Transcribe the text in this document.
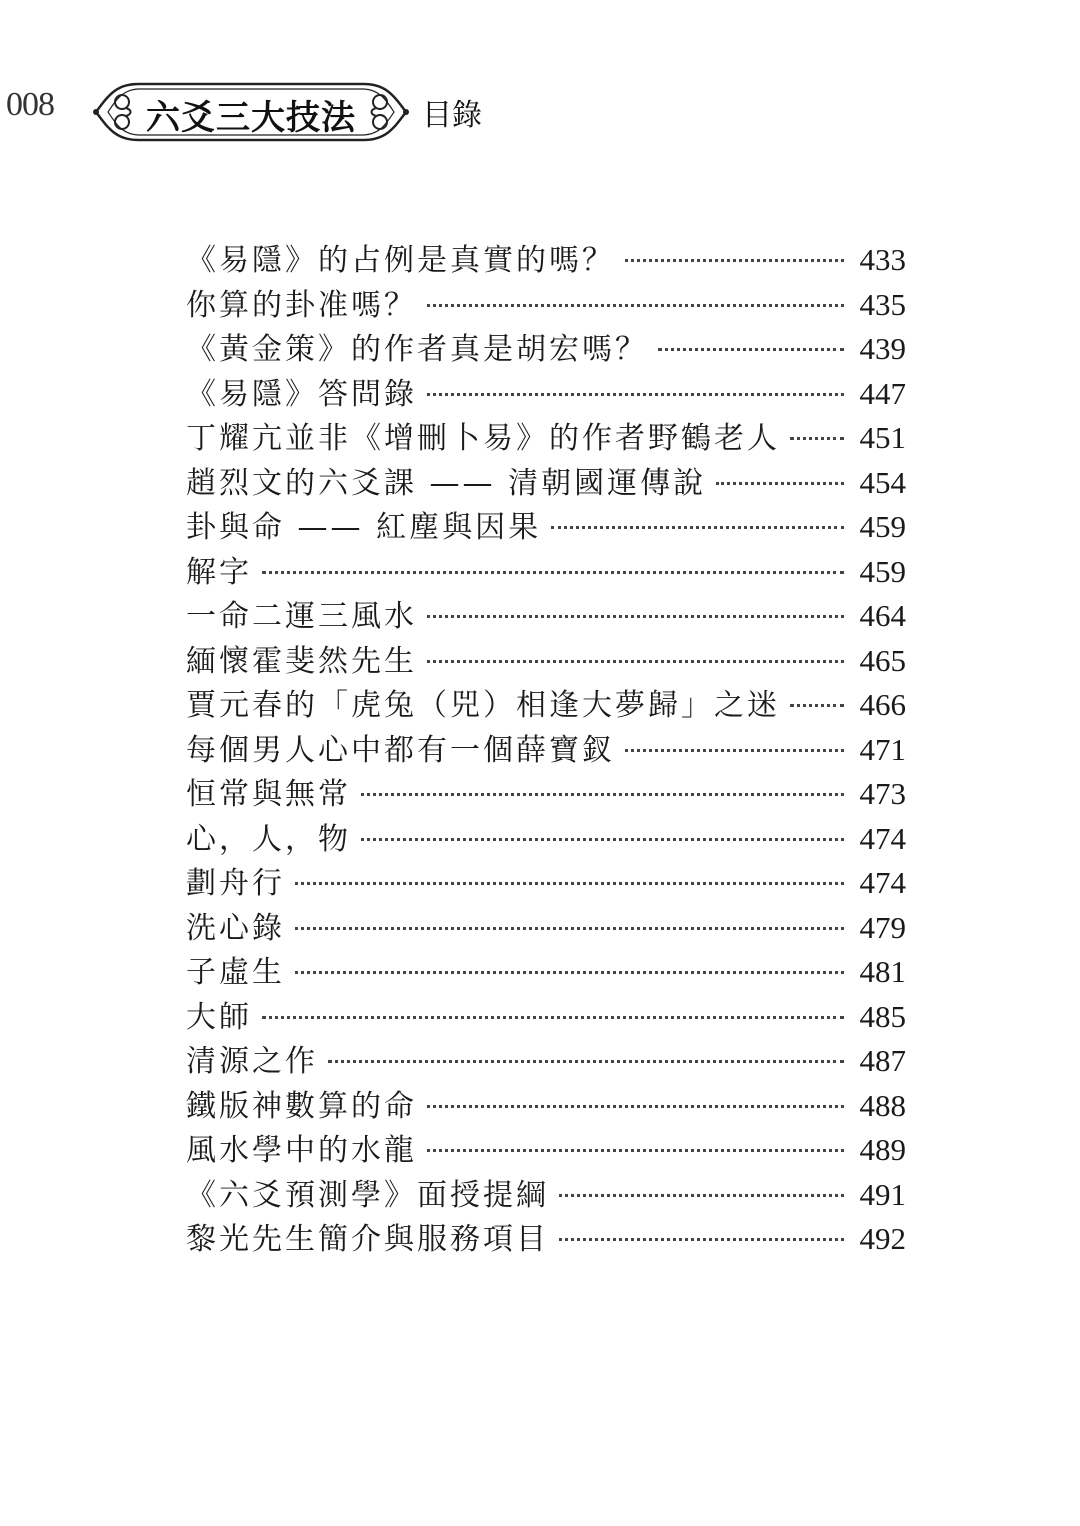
008	六爻三大技法 目錄
《易隱》的占例是真實的嗎？	433
你算的卦准嗎？	435
《黃金策》的作者真是胡宏嗎？	439
《易隱》答問錄	447
丁耀亢並非《增刪卜易》的作者野鶴老人	451
趙烈文的六爻課 —— 清朝國運傳說	454
卦與命 —— 紅塵與因果	459
解字	459
一命二運三風水	464
緬懷霍斐然先生	465
賈元春的「虎兔（兕）相逢大夢歸」之迷	466
每個男人心中都有一個薛寶釵	471
恒常與無常	473
心，人，物	474
劃舟行	474
洗心錄	479
子虛生	481
大師	485
清源之作	487
鐵版神數算的命	488
風水學中的水龍	489
《六爻預測學》面授提綱	491
黎光先生簡介與服務項目	492
